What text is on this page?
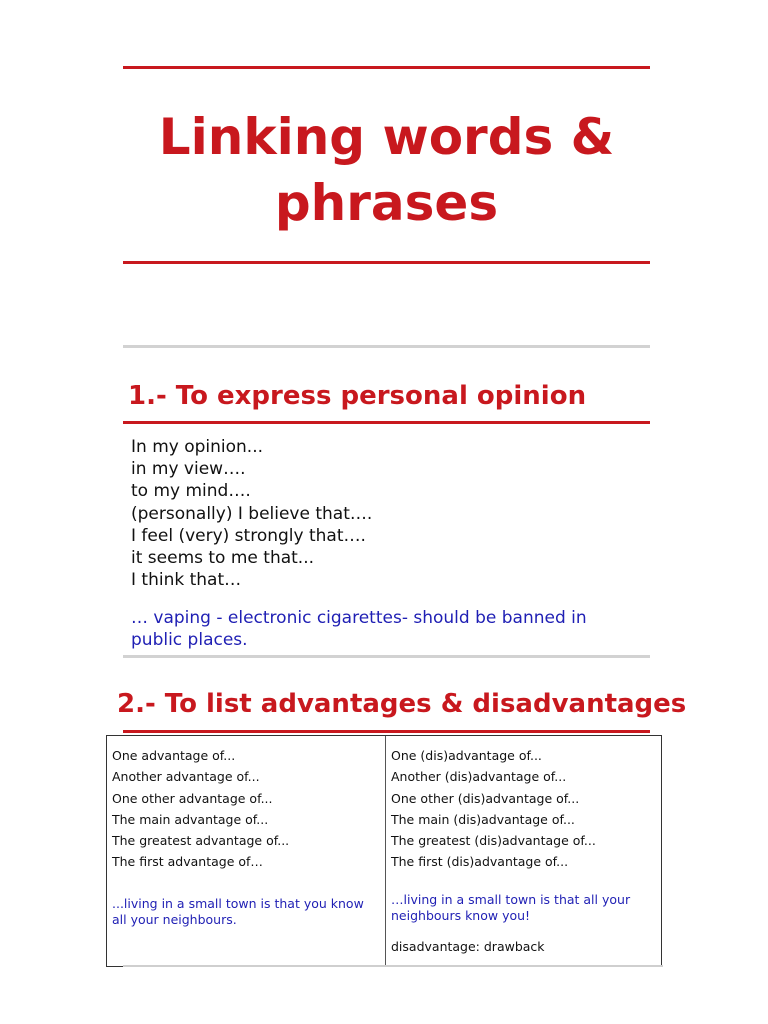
Linking words &
phrases
1.- To express personal opinion
In my opinion...
in my view….
to my mind….
(personally) I believe that….
I feel (very) strongly that….
it seems to me that...
I think that…

… vaping - electronic cigarettes- should be banned in public places.

2.- To list advantages & disadvantages
One advantage of...
Another advantage of...
One other advantage of...
The main advantage of...
The greatest advantage of...
The first advantage of…

...living in a small town is that you know all your neighbours.

One (dis)advantage of...
Another (dis)advantage of...
One other (dis)advantage of...
The main (dis)advantage of...
The greatest (dis)advantage of...
The first (dis)advantage of...

…living in a small town is that all your neighbours know you!

disadvantage: drawback
